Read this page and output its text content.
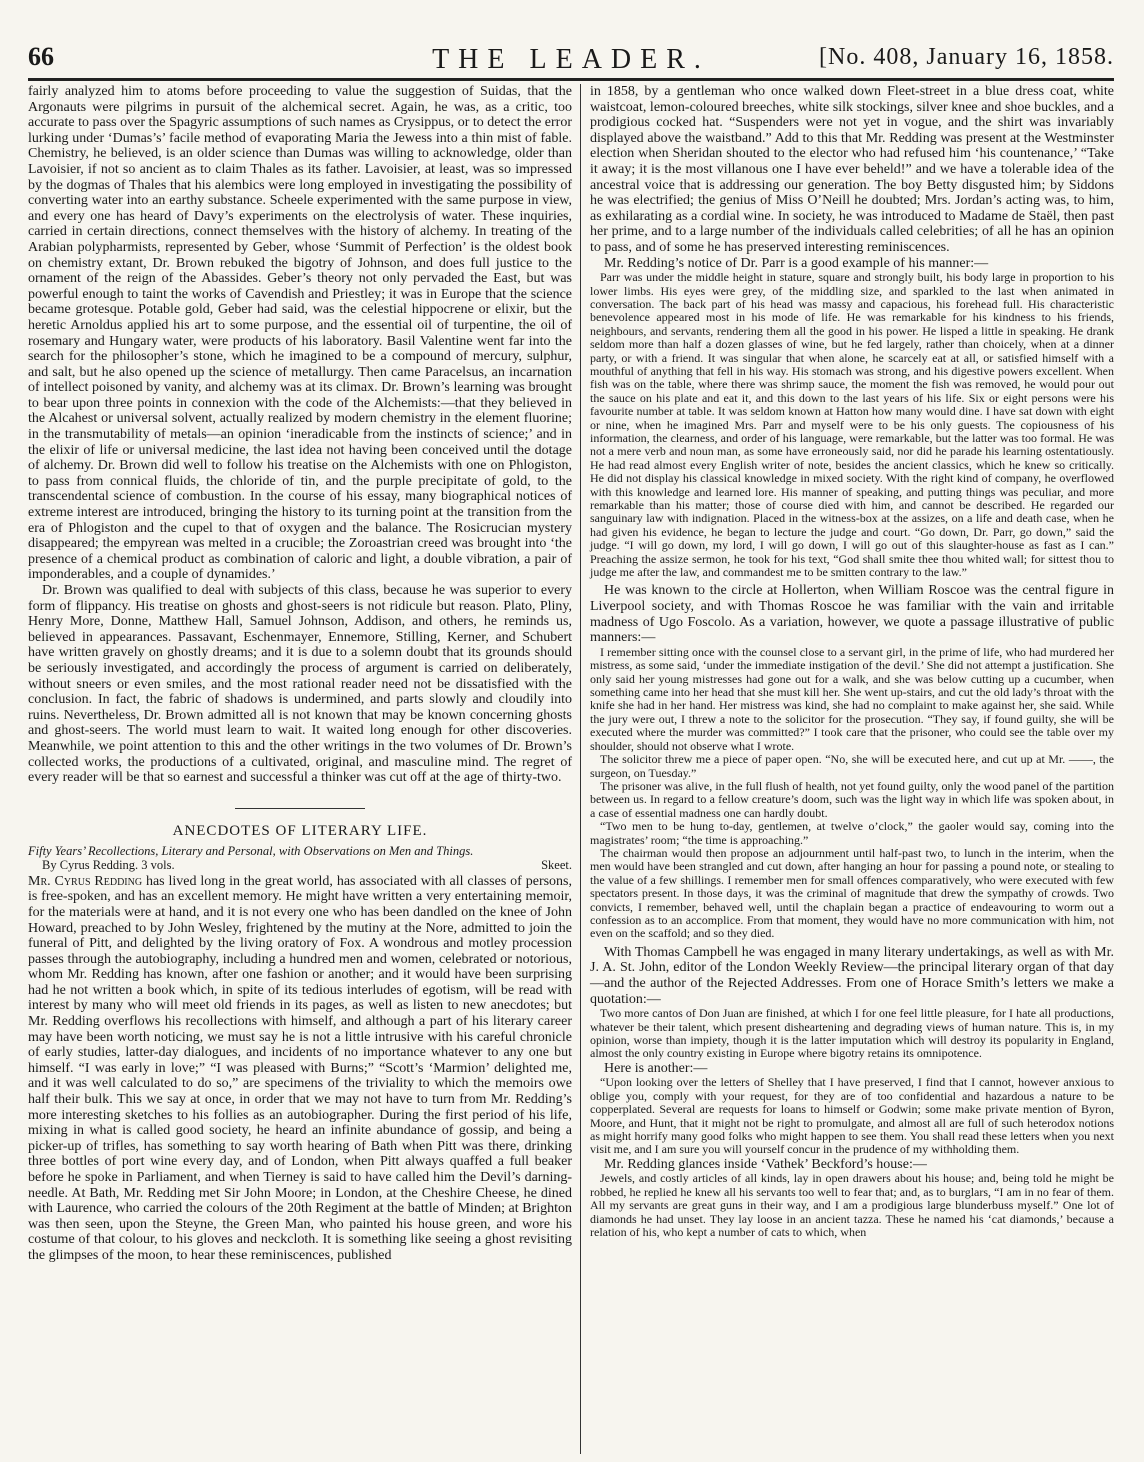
66	THE LEADER.	[No. 408, January 16, 1858.

fairly analyzed him to atoms before proceeding to value the suggestion of Suidas, that the Argonauts were pilgrims in pursuit of the alchemical secret. Again, he was, as a critic, too accurate to pass over the Spagyric assumptions of such names as Crysippus, or to detect the error lurking under ‘Dumas’s’ facile method of evaporating Maria the Jewess into a thin mist of fable. Chemistry, he believed, is an older science than Dumas was willing to acknowledge, older than Lavoisier, if not so ancient as to claim Thales as its father. Lavoisier, at least, was so impressed by the dogmas of Thales that his alembics were long employed in investigating the possibility of converting water into an earthy substance. Scheele experimented with the same purpose in view, and every one has heard of Davy’s experiments on the electrolysis of water. These inquiries, carried in certain directions, connect themselves with the history of alchemy. In treating of the Arabian polypharmists, represented by Geber, whose ‘Summit of Perfection’ is the oldest book on chemistry extant, Dr. Brown rebuked the bigotry of Johnson, and does full justice to the ornament of the reign of the Abassides. Geber’s theory not only pervaded the East, but was powerful enough to taint the works of Cavendish and Priestley; it was in Europe that the science became grotesque. Potable gold, Geber had said, was the celestial hippocrene or elixir, but the heretic Arnoldus applied his art to some purpose, and the essential oil of turpentine, the oil of rosemary and Hungary water, were products of his laboratory. Basil Valentine went far into the search for the philosopher’s stone, which he imagined to be a compound of mercury, sulphur, and salt, but he also opened up the science of metallurgy. Then came Paracelsus, an incarnation of intellect poisoned by vanity, and alchemy was at its climax. Dr. Brown’s learning was brought to bear upon three points in connexion with the code of the Alchemists:—that they believed in the Alcahest or universal solvent, actually realized by modern chemistry in the element fluorine; in the transmutability of metals—an opinion ‘ineradicable from the instincts of science;’ and in the elixir of life or universal medicine, the last idea not having been conceived until the dotage of alchemy. Dr. Brown did well to follow his treatise on the Alchemists with one on Phlogiston, to pass from connical fluids, the chloride of tin, and the purple precipitate of gold, to the transcendental science of combustion. In the course of his essay, many biographical notices of extreme interest are introduced, bringing the history to its turning point at the transition from the era of Phlogiston and the cupel to that of oxygen and the balance. The Rosicrucian mystery disappeared; the empyrean was melted in a crucible; the Zoroastrian creed was brought into ‘the presence of a chemical product as combination of caloric and light, a double vibration, a pair of imponderables, and a couple of dynamides.’

Dr. Brown was qualified to deal with subjects of this class, because he was superior to every form of flippancy. His treatise on ghosts and ghost-seers is not ridicule but reason. Plato, Pliny, Henry More, Donne, Matthew Hall, Samuel Johnson, Addison, and others, he reminds us, believed in appearances. Passavant, Eschenmayer, Ennemore, Stilling, Kerner, and Schubert have written gravely on ghostly dreams; and it is due to a solemn doubt that its grounds should be seriously investigated, and accordingly the process of argument is carried on deliberately, without sneers or even smiles, and the most rational reader need not be dissatisfied with the conclusion. In fact, the fabric of shadows is undermined, and parts slowly and cloudily into ruins. Nevertheless, Dr. Brown admitted all is not known that may be known concerning ghosts and ghost-seers. The world must learn to wait. It waited long enough for other discoveries. Meanwhile, we point attention to this and the other writings in the two volumes of Dr. Brown’s collected works, the productions of a cultivated, original, and masculine mind. The regret of every reader will be that so earnest and successful a thinker was cut off at the age of thirty-two.

ANECDOTES OF LITERARY LIFE.
Fifty Years’ Recollections, Literary and Personal, with Observations on Men and Things.
By Cyrus Redding. 3 vols.	Skeet.

Mr. Cyrus Redding has lived long in the great world, has associated with all classes of persons, is free-spoken, and has an excellent memory. He might have written a very entertaining memoir, for the materials were at hand, and it is not every one who has been dandled on the knee of John Howard, preached to by John Wesley, frightened by the mutiny at the Nore, admitted to join the funeral of Pitt, and delighted by the living oratory of Fox. A wondrous and motley procession passes through the autobiography, including a hundred men and women, celebrated or notorious, whom Mr. Redding has known, after one fashion or another; and it would have been surprising had he not written a book which, in spite of its tedious interludes of egotism, will be read with interest by many who will meet old friends in its pages, as well as listen to new anecdotes; but Mr. Redding overflows his recollections with himself, and although a part of his literary career may have been worth noticing, we must say he is not a little intrusive with his careful chronicle of early studies, latter-day dialogues, and incidents of no importance whatever to any one but himself. “I was early in love;” “I was pleased with Burns;” “Scott’s ‘Marmion’ delighted me, and it was well calculated to do so,” are specimens of the triviality to which the memoirs owe half their bulk. This we say at once, in order that we may not have to turn from Mr. Redding’s more interesting sketches to his follies as an autobiographer. During the first period of his life, mixing in what is called good society, he heard an infinite abundance of gossip, and being a picker-up of trifles, has something to say worth hearing of Bath when Pitt was there, drinking three bottles of port wine every day, and of London, when Pitt always quaffed a full beaker before he spoke in Parliament, and when Tierney is said to have called him the Devil’s darning-needle. At Bath, Mr. Redding met Sir John Moore; in London, at the Cheshire Cheese, he dined with Laurence, who carried the colours of the 20th Regiment at the battle of Minden; at Brighton was then seen, upon the Steyne, the Green Man, who painted his house green, and wore his costume of that colour, to his gloves and neckcloth. It is something like seeing a ghost revisiting the glimpses of the moon, to hear these reminiscences, published

in 1858, by a gentleman who once walked down Fleet-street in a blue dress coat, white waistcoat, lemon-coloured breeches, white silk stockings, silver knee and shoe buckles, and a prodigious cocked hat. “Suspenders were not yet in vogue, and the shirt was invariably displayed above the waistband.” Add to this that Mr. Redding was present at the Westminster election when Sheridan shouted to the elector who had refused him ‘his countenance,’ “Take it away; it is the most villanous one I have ever beheld!” and we have a tolerable idea of the ancestral voice that is addressing our generation. The boy Betty disgusted him; by Siddons he was electrified; the genius of Miss O’Neill he doubted; Mrs. Jordan’s acting was, to him, as exhilarating as a cordial wine. In society, he was introduced to Madame de Staël, then past her prime, and to a large number of the individuals called celebrities; of all he has an opinion to pass, and of some he has preserved interesting reminiscences.

Mr. Redding’s notice of Dr. Parr is a good example of his manner:—

Parr was under the middle height in stature, square and strongly built, his body large in proportion to his lower limbs. His eyes were grey, of the middling size, and sparkled to the last when animated in conversation. The back part of his head was massy and capacious, his forehead full. His characteristic benevolence appeared most in his mode of life. He was remarkable for his kindness to his friends, neighbours, and servants, rendering them all the good in his power. He lisped a little in speaking. He drank seldom more than half a dozen glasses of wine, but he fed largely, rather than choicely, when at a dinner party, or with a friend. It was singular that when alone, he scarcely eat at all, or satisfied himself with a mouthful of anything that fell in his way. His stomach was strong, and his digestive powers excellent. When fish was on the table, where there was shrimp sauce, the moment the fish was removed, he would pour out the sauce on his plate and eat it, and this down to the last years of his life. Six or eight persons were his favourite number at table. It was seldom known at Hatton how many would dine. I have sat down with eight or nine, when he imagined Mrs. Parr and myself were to be his only guests. The copiousness of his information, the clearness, and order of his language, were remarkable, but the latter was too formal. He was not a mere verb and noun man, as some have erroneously said, nor did he parade his learning ostentatiously. He had read almost every English writer of note, besides the ancient classics, which he knew so critically. He did not display his classical knowledge in mixed society. With the right kind of company, he overflowed with this knowledge and learned lore. His manner of speaking, and putting things was peculiar, and more remarkable than his matter; those of course died with him, and cannot be described. He regarded our sanguinary law with indignation. Placed in the witness-box at the assizes, on a life and death case, when he had given his evidence, he began to lecture the judge and court. “Go down, Dr. Parr, go down,” said the judge. “I will go down, my lord, I will go down, I will go out of this slaughter-house as fast as I can.” Preaching the assize sermon, he took for his text, “God shall smite thee thou whited wall; for sittest thou to judge me after the law, and commandest me to be smitten contrary to the law.”

He was known to the circle at Hollerton, when William Roscoe was the central figure in Liverpool society, and with Thomas Roscoe he was familiar with the vain and irritable madness of Ugo Foscolo. As a variation, however, we quote a passage illustrative of public manners:—

I remember sitting once with the counsel close to a servant girl, in the prime of life, who had murdered her mistress, as some said, ‘under the immediate instigation of the devil.’ She did not attempt a justification. She only said her young mistresses had gone out for a walk, and she was below cutting up a cucumber, when something came into her head that she must kill her. She went up-stairs, and cut the old lady’s throat with the knife she had in her hand. Her mistress was kind, she had no complaint to make against her, she said. While the jury were out, I threw a note to the solicitor for the prosecution. “They say, if found guilty, she will be executed where the murder was committed?” I took care that the prisoner, who could see the table over my shoulder, should not observe what I wrote.

The solicitor threw me a piece of paper open. “No, she will be executed here, and cut up at Mr. ——, the surgeon, on Tuesday.”

The prisoner was alive, in the full flush of health, not yet found guilty, only the wood panel of the partition between us. In regard to a fellow creature’s doom, such was the light way in which life was spoken about, in a case of essential madness one can hardly doubt.

“Two men to be hung to-day, gentlemen, at twelve o’clock,” the gaoler would say, coming into the magistrates’ room; “the time is approaching.”

The chairman would then propose an adjournment until half-past two, to lunch in the interim, when the men would have been strangled and cut down, after hanging an hour for passing a pound note, or stealing to the value of a few shillings. I remember men for small offences comparatively, who were executed with few spectators present. In those days, it was the criminal of magnitude that drew the sympathy of crowds. Two convicts, I remember, behaved well, until the chaplain began a practice of endeavouring to worm out a confession as to an accomplice. From that moment, they would have no more communication with him, not even on the scaffold; and so they died.

With Thomas Campbell he was engaged in many literary undertakings, as well as with Mr. J. A. St. John, editor of the London Weekly Review—the principal literary organ of that day—and the author of the Rejected Addresses. From one of Horace Smith’s letters we make a quotation:—

Two more cantos of Don Juan are finished, at which I for one feel little pleasure, for I hate all productions, whatever be their talent, which present disheartening and degrading views of human nature. This is, in my opinion, worse than impiety, though it is the latter imputation which will destroy its popularity in England, almost the only country existing in Europe where bigotry retains its omnipotence.

Here is another:—

“Upon looking over the letters of Shelley that I have preserved, I find that I cannot, however anxious to oblige you, comply with your request, for they are of too confidential and hazardous a nature to be copperplated. Several are requests for loans to himself or Godwin; some make private mention of Byron, Moore, and Hunt, that it might not be right to promulgate, and almost all are full of such heterodox notions as might horrify many good folks who might happen to see them. You shall read these letters when you next visit me, and I am sure you will yourself concur in the prudence of my withholding them.

Mr. Redding glances inside ‘Vathek’ Beckford’s house:—

Jewels, and costly articles of all kinds, lay in open drawers about his house; and, being told he might be robbed, he replied he knew all his servants too well to fear that; and, as to burglars, “I am in no fear of them. All my servants are great guns in their way, and I am a prodigious large blunderbuss myself.” One lot of diamonds he had unset. They lay loose in an ancient tazza. These he named his ‘cat diamonds,’ because a relation of his, who kept a number of cats to which, when
